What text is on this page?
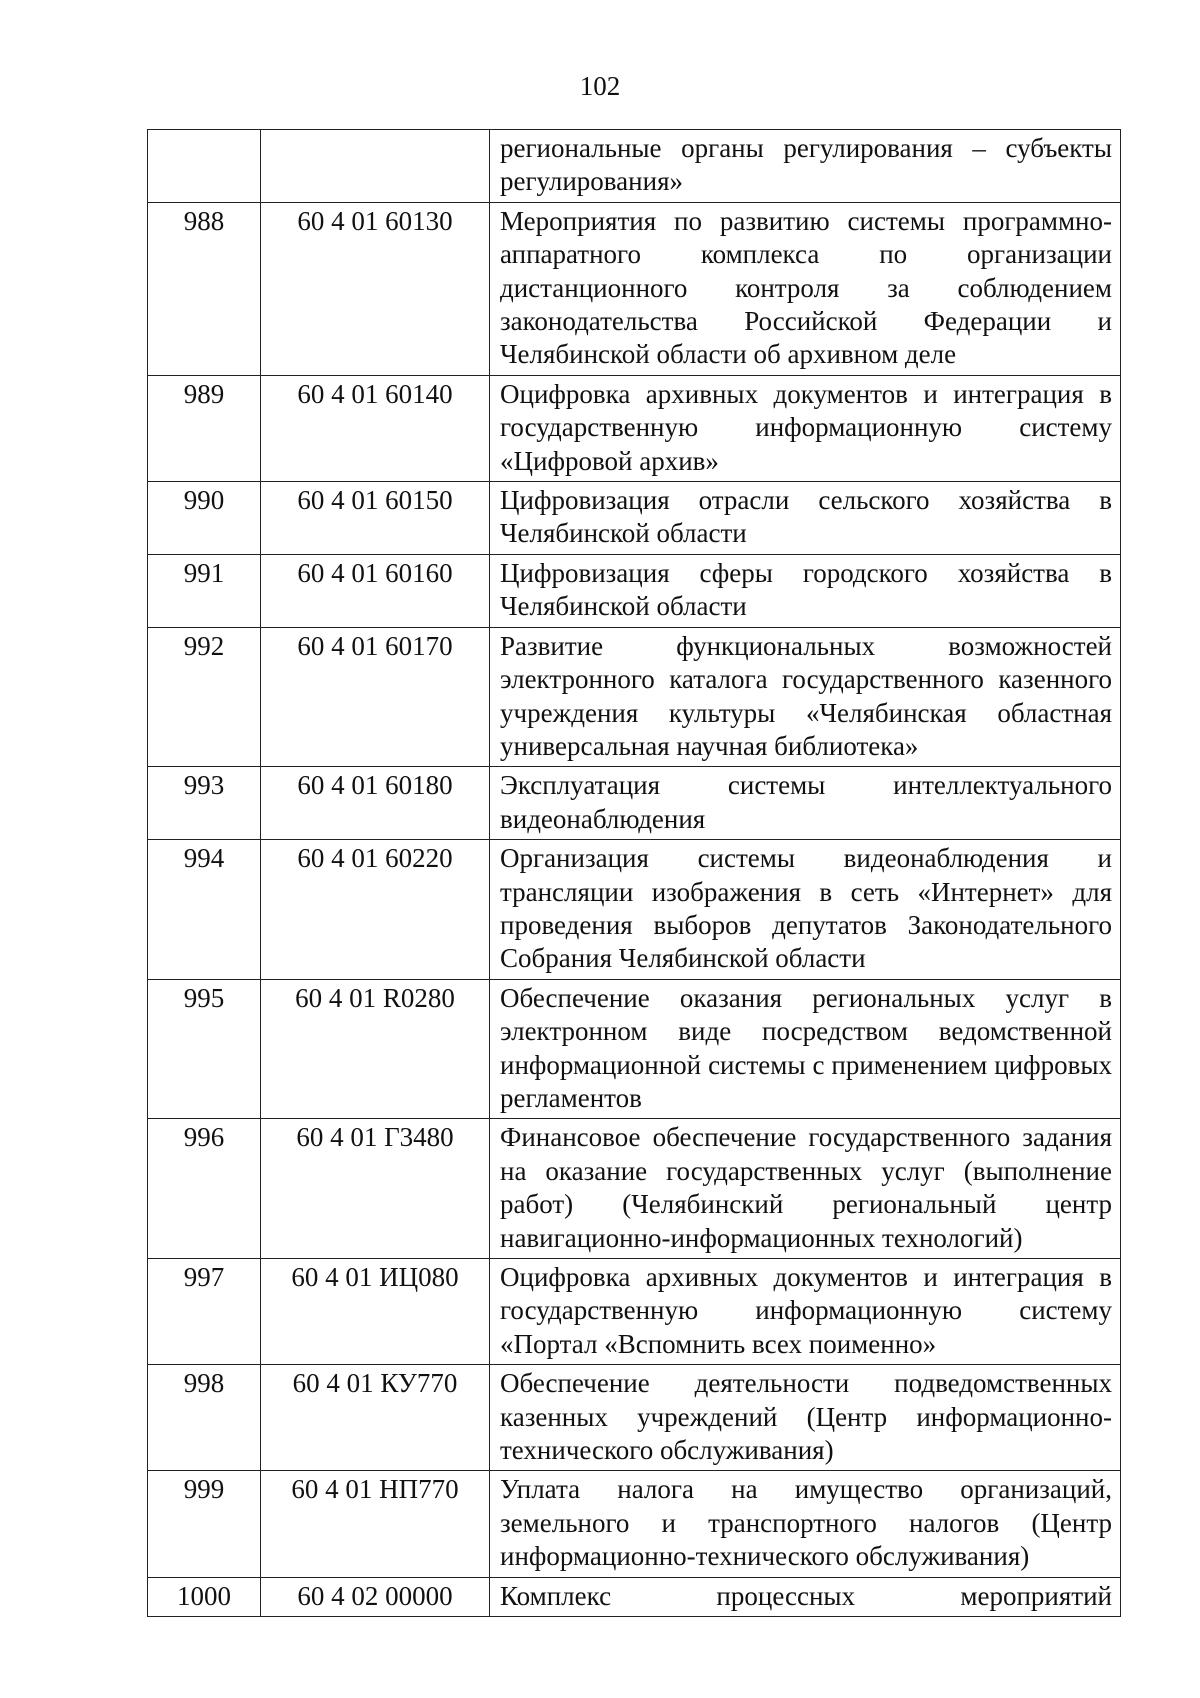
102
		региональные органы регулирования – субъекты регулирования»
988	60 4 01 60130	Мероприятия по развитию системы программно-аппаратного комплекса по организации дистанционного контроля за соблюдением законодательства Российской Федерации и Челябинской области об архивном деле
989	60 4 01 60140	Оцифровка архивных документов и интеграция в государственную информационную систему «Цифровой архив»
990	60 4 01 60150	Цифровизация отрасли сельского хозяйства в Челябинской области
991	60 4 01 60160	Цифровизация сферы городского хозяйства в Челябинской области
992	60 4 01 60170	Развитие функциональных возможностей электронного каталога государственного казенного учреждения культуры «Челябинская областная универсальная научная библиотека»
993	60 4 01 60180	Эксплуатация системы интеллектуального видеонаблюдения
994	60 4 01 60220	Организация системы видеонаблюдения и трансляции изображения в сеть «Интернет» для проведения выборов депутатов Законодательного Собрания Челябинской области
995	60 4 01 R0280	Обеспечение оказания региональных услуг в электронном виде посредством ведомственной информационной системы с применением цифровых регламентов
996	60 4 01 Г3480	Финансовое обеспечение государственного задания на оказание государственных услуг (выполнение работ) (Челябинский региональный центр навигационно-информационных технологий)
997	60 4 01 ИЦ080	Оцифровка архивных документов и интеграция в государственную информационную систему «Портал «Вспомнить всех поименно»
998	60 4 01 КУ770	Обеспечение деятельности подведомственных казенных учреждений (Центр информационно-технического обслуживания)
999	60 4 01 НП770	Уплата налога на имущество организаций, земельного и транспортного налогов (Центр информационно-технического обслуживания)
1000	60 4 02 00000	Комплекс процессных мероприятий
